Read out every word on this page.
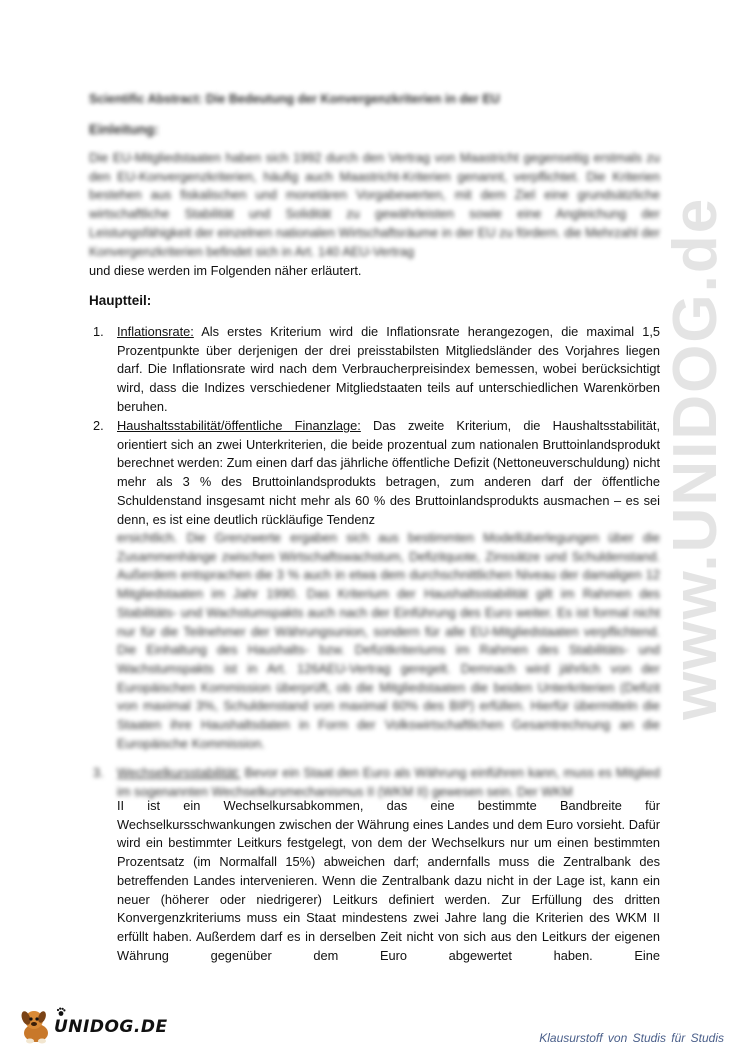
www.UNIDOG.de
Scientific Abstract: Die Bedeutung der Konvergenzkriterien in der EU
Einleitung:

Die EU-Mitgliedstaaten haben sich 1992 durch den Vertrag von Maastricht gegenseitig erstmals zu den EU-Konvergenzkriterien, häufig auch Maastricht-Kriterien genannt, verpflichtet. Die Kriterien bestehen aus fiskalischen und monetären Vorgabewerten, mit dem Ziel eine grundsätzliche wirtschaftliche Stabilität und Solidität zu gewährleisten sowie eine Angleichung der Leistungsfähigkeit der einzelnen nationalen Wirtschaftsräume in der EU zu fördern. die Mehrzahl der Konvergenzkriterien befindet sich in Art. 140 AEU-Vertrag

und diese werden im Folgenden näher erläutert.

Hauptteil:
1. Inflationsrate: Als erstes Kriterium wird die Inflationsrate herangezogen, die maximal 1,5 Prozentpunkte über derjenigen der drei preisstabilsten Mitgliedsländer des Vorjahres liegen darf. Die Inflationsrate wird nach dem Verbraucherpreisindex bemessen, wobei berücksichtigt wird, dass die Indizes verschiedener Mitgliedstaaten teils auf unterschiedlichen Warenkörben beruhen.
2. Haushaltsstabilität/öffentliche Finanzlage: Das zweite Kriterium, die Haushaltsstabilität, orientiert sich an zwei Unterkriterien, die beide prozentual zum nationalen Bruttoinlandsprodukt berechnet werden: Zum einen darf das jährliche öffentliche Defizit (Nettoneuverschuldung) nicht mehr als 3 % des Bruttoinlandsprodukts betragen, zum anderen darf der öffentliche Schuldenstand insgesamt nicht mehr als 60 % des Bruttoinlandsprodukts ausmachen – es sei denn, es ist eine deutlich rückläufige Tendenz
ersichtlich. Die Grenzwerte ergaben sich aus bestimmten Modellüberlegungen über die Zusammenhänge zwischen Wirtschaftswachstum, Defizitquote, Zinssätze und Schuldenstand. Außerdem entsprachen die 3 % auch in etwa dem durchschnittlichen Niveau der damaligen 12 Mitgliedstaaten im Jahr 1990. Das Kriterium der Haushaltsstabilität gilt im Rahmen des Stabilitäts- und Wachstumspakts auch nach der Einführung des Euro weiter. Es ist formal nicht nur für die Teilnehmer der Währungsunion, sondern für alle EU-Mitgliedstaaten verpflichtend. Die Einhaltung des Haushalts- bzw. Defizitkriteriums im Rahmen des Stabilitäts- und Wachstumspakts ist in Art. 126AEU-Vertrag geregelt. Demnach wird jährlich von der Europäischen Kommission überprüft, ob die Mitgliedstaaten die beiden Unterkriterien (Defizit von maximal 3%, Schuldenstand von maximal 60% des BIP) erfüllen. Hierfür übermitteln die Staaten ihre Haushaltsdaten in Form der Volkswirtschaftlichen Gesamtrechnung an die Europäische Kommission.
3. Wechselkursstabilität: Bevor ein Staat den Euro als Währung einführen kann, muss es Mitglied im sogenannten Wechselkursmechanismus II (WKM II) gewesen sein. Der WKM
II ist ein Wechselkursabkommen, das eine bestimmte Bandbreite für Wechselkursschwankungen zwischen der Währung eines Landes und dem Euro vorsieht. Dafür wird ein bestimmter Leitkurs festgelegt, von dem der Wechselkurs nur um einen bestimmten Prozentsatz (im Normalfall 15%) abweichen darf; andernfalls muss die Zentralbank des betreffenden Landes intervenieren. Wenn die Zentralbank dazu nicht in der Lage ist, kann ein neuer (höherer oder niedrigerer) Leitkurs definiert werden. Zur Erfüllung des dritten Konvergenzkriteriums muss ein Staat mindestens zwei Jahre lang die Kriterien des WKM II erfüllt haben. Außerdem darf es in derselben Zeit nicht von sich aus den Leitkurs der eigenen Währung gegenüber dem Euro abgewertet haben. Eine
UNIDOG.DE
Klausurstoff von Studis für Studis
